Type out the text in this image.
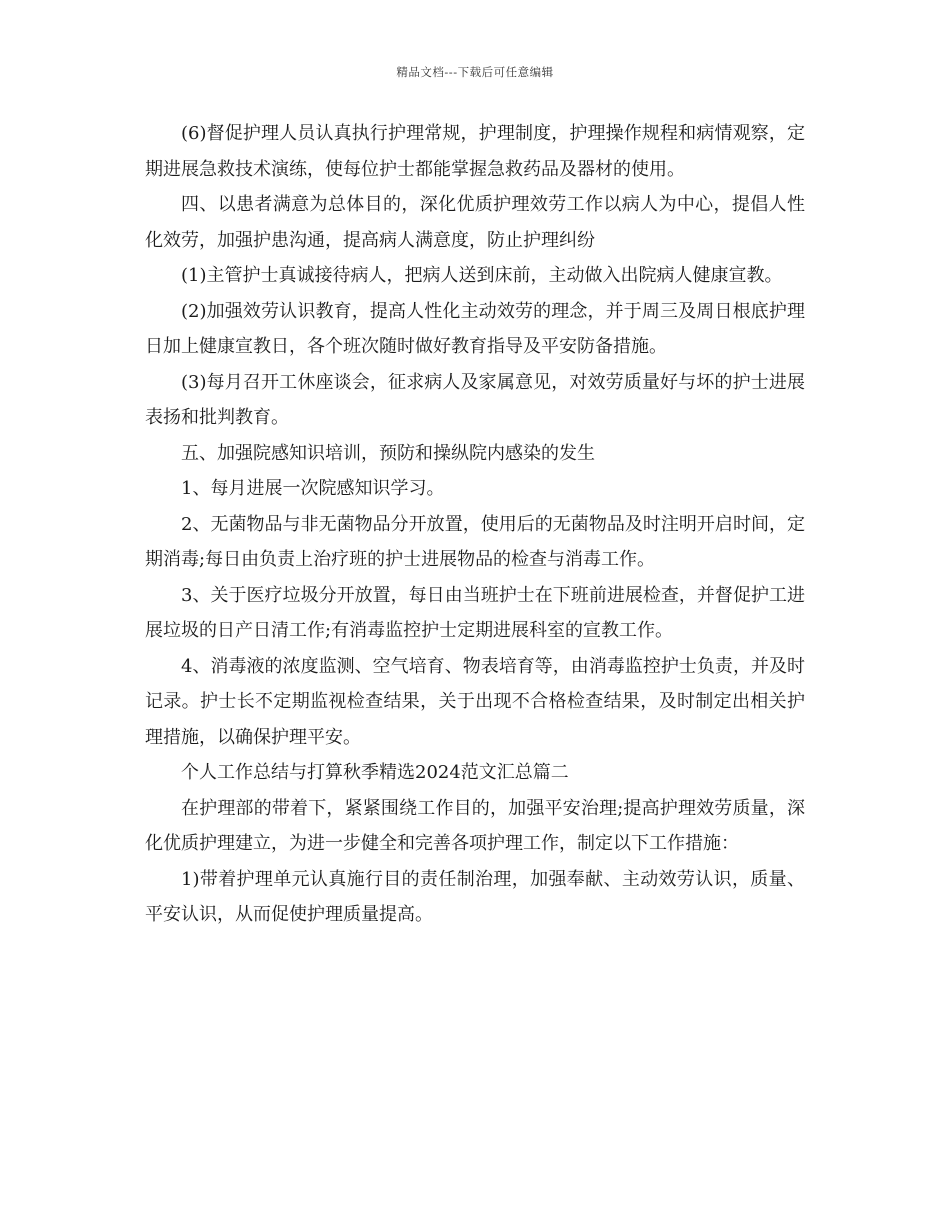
精品文档---下载后可任意编辑

(6)督促护理人员认真执行护理常规，护理制度，护理操作规程和病情观察，定期进展急救技术演练，使每位护士都能掌握急救药品及器材的使用。

四、以患者满意为总体目的，深化优质护理效劳工作以病人为中心，提倡人性化效劳，加强护患沟通，提高病人满意度，防止护理纠纷

(1)主管护士真诚接待病人，把病人送到床前，主动做入出院病人健康宣教。

(2)加强效劳认识教育，提高人性化主动效劳的理念，并于周三及周日根底护理日加上健康宣教日，各个班次随时做好教育指导及平安防备措施。

(3)每月召开工休座谈会，征求病人及家属意见，对效劳质量好与坏的护士进展表扬和批判教育。

五、加强院感知识培训，预防和操纵院内感染的发生

1、每月进展一次院感知识学习。

2、无菌物品与非无菌物品分开放置，使用后的无菌物品及时注明开启时间，定期消毒;每日由负责上治疗班的护士进展物品的检查与消毒工作。

3、关于医疗垃圾分开放置，每日由当班护士在下班前进展检查，并督促护工进展垃圾的日产日清工作;有消毒监控护士定期进展科室的宣教工作。

4、消毒液的浓度监测、空气培育、物表培育等，由消毒监控护士负责，并及时记录。护士长不定期监视检查结果，关于出现不合格检查结果，及时制定出相关护理措施，以确保护理平安。

个人工作总结与打算秋季精选2024范文汇总篇二

在护理部的带着下，紧紧围绕工作目的，加强平安治理;提高护理效劳质量，深化优质护理建立，为进一步健全和完善各项护理工作，制定以下工作措施：

1)带着护理单元认真施行目的责任制治理，加强奉献、主动效劳认识，质量、平安认识，从而促使护理质量提高。
